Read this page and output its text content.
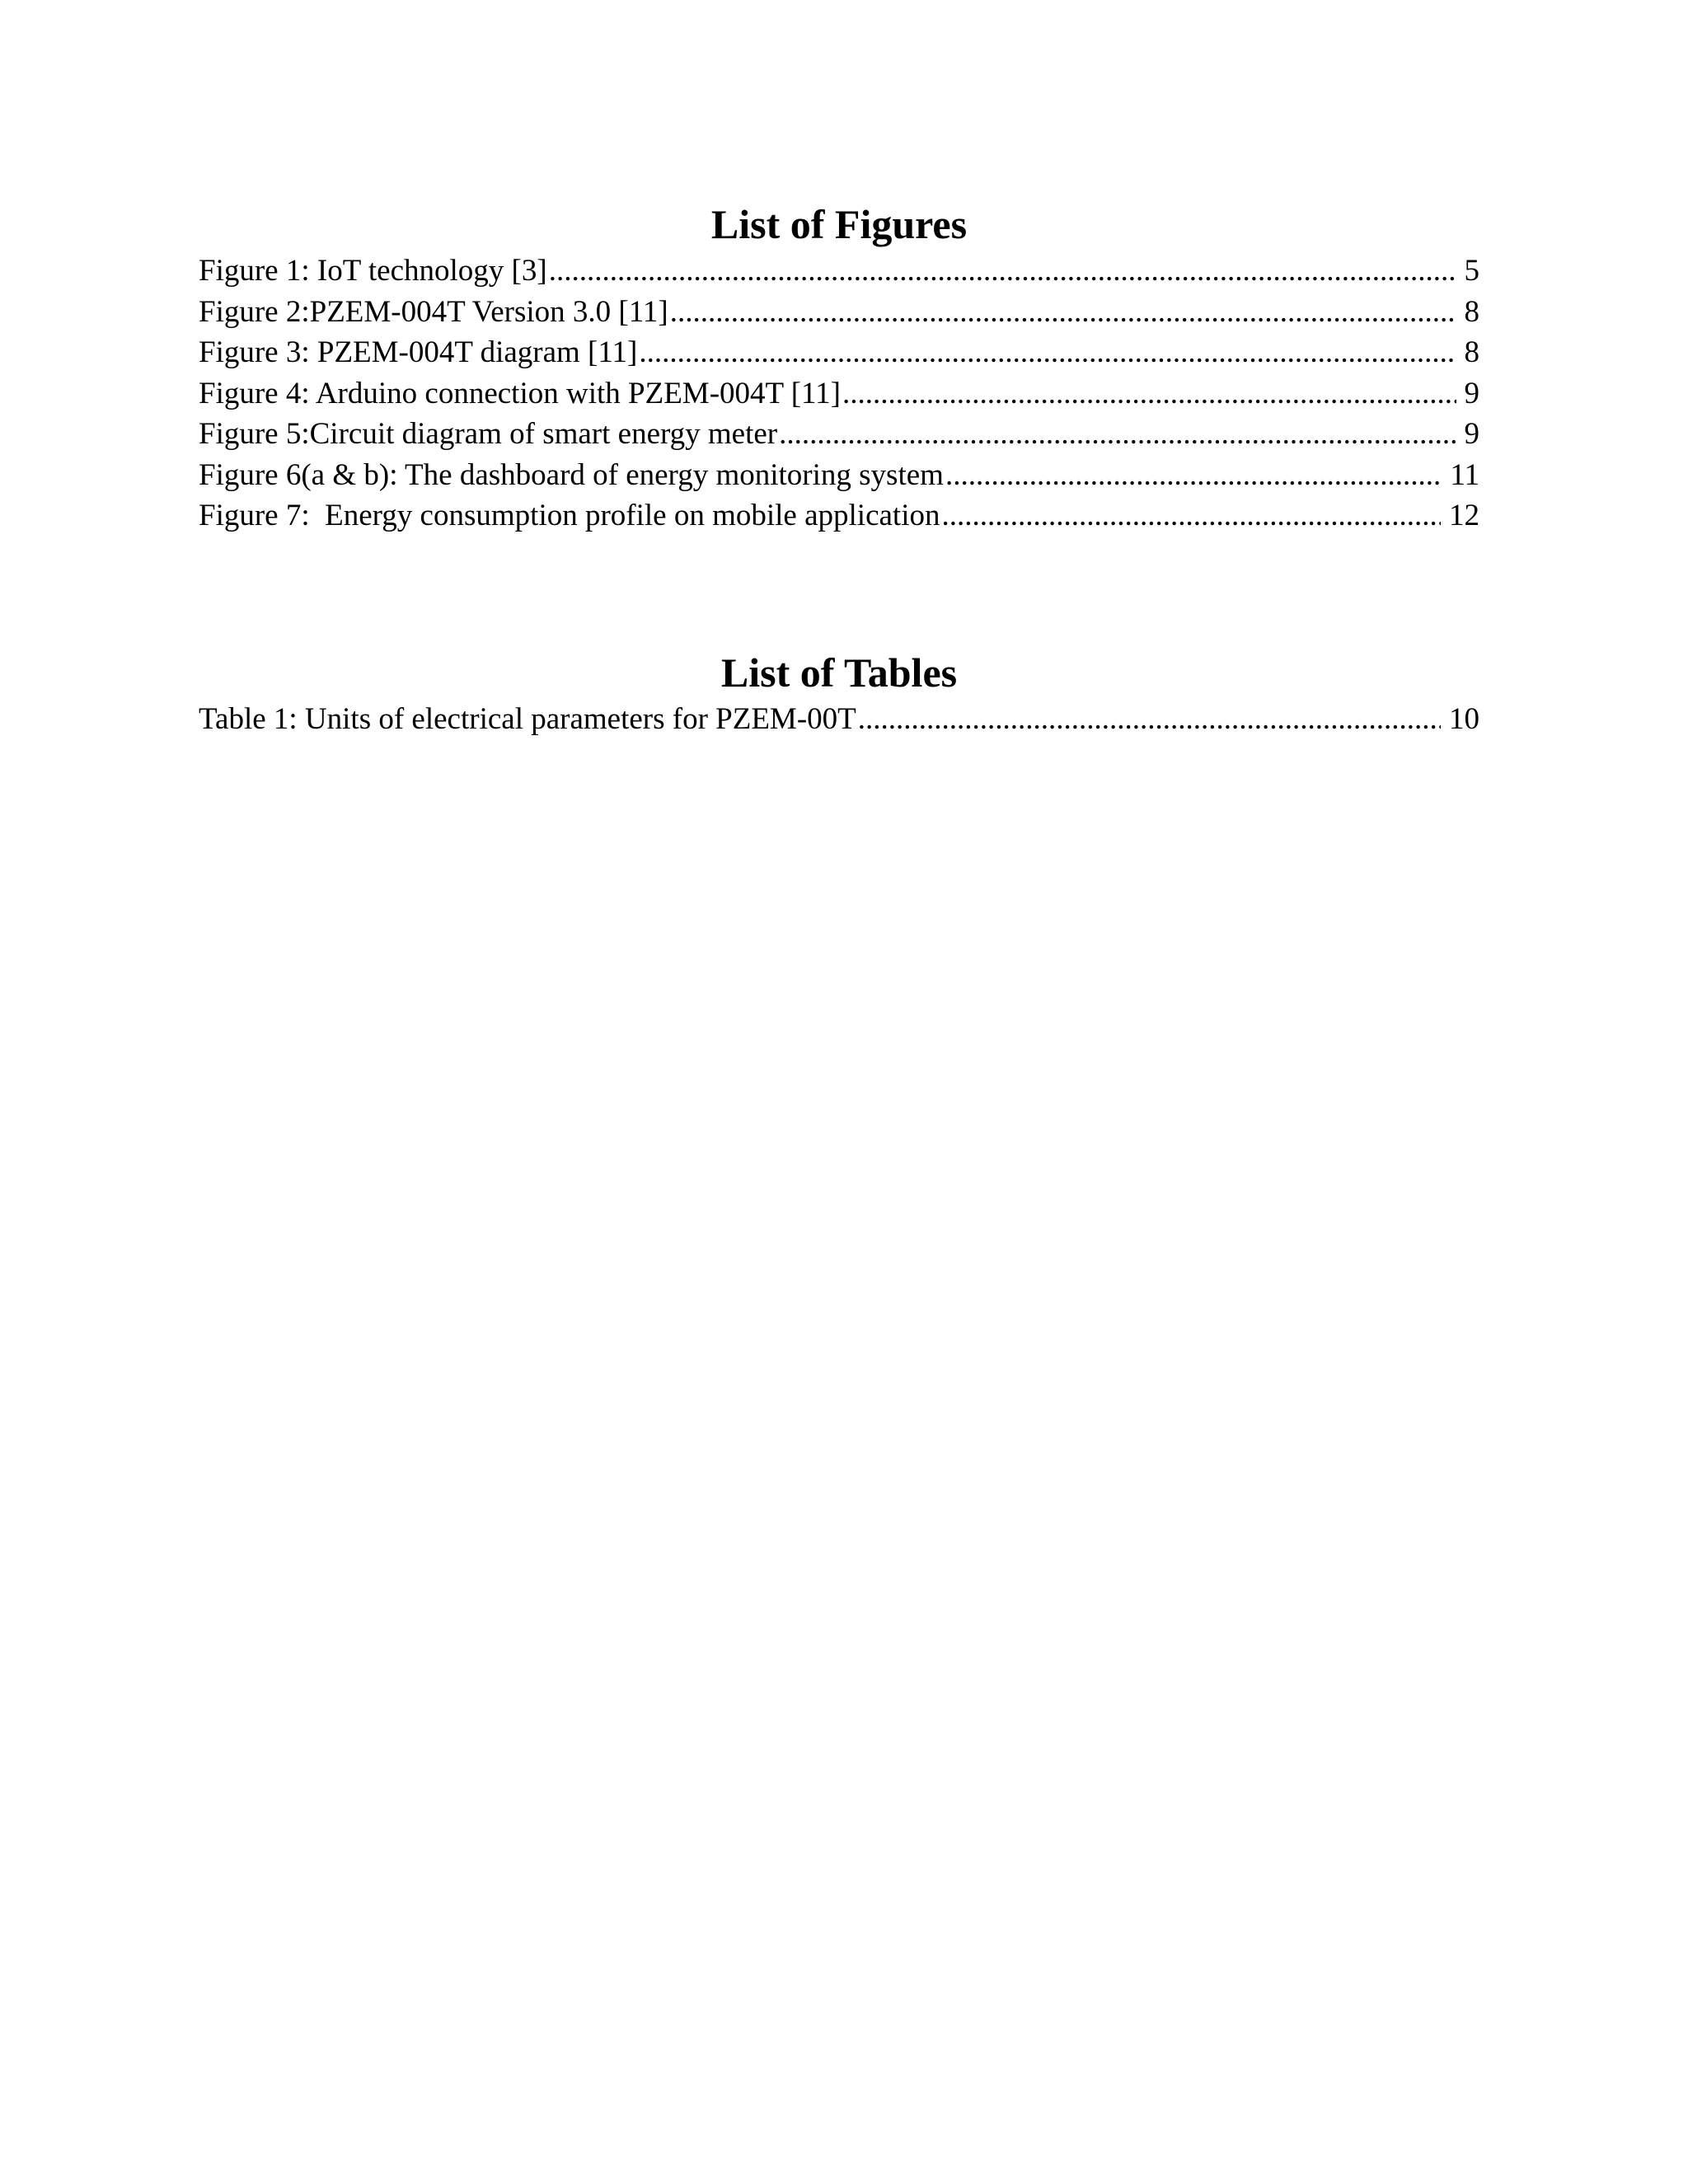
List of Figures
Figure 1: IoT technology [3] .....	5
Figure 2:PZEM-004T Version 3.0 [11] .....	8
Figure 3: PZEM-004T diagram [11] .....	8
Figure 4: Arduino connection with PZEM-004T [11] .....	9
Figure 5:Circuit diagram of smart energy meter .....	9
Figure 6(a & b): The dashboard of energy monitoring system .....	11
Figure 7:  Energy consumption profile on mobile application .....	12
List of Tables
Table 1: Units of electrical parameters for PZEM-00T .....	10
